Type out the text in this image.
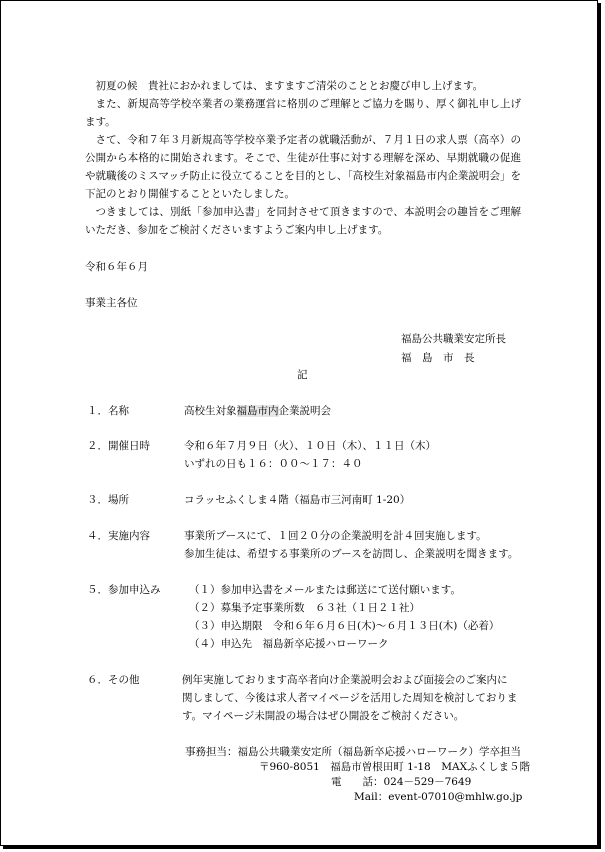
初夏の候　貴社におかれましては、ますますご清栄のこととお慶び申し上げます。
また、新規高等学校卒業者の業務運営に格別のご理解とご協力を賜り、厚く御礼申し上げます。
さて、令和７年３月新規高等学校卒業予定者の就職活動が、７月１日の求人票（高卒）の公開から本格的に開始されます。そこで、生徒が仕事に対する理解を深め、早期就職の促進や就職後のミスマッチ防止に役立てることを目的とし、「高校生対象福島市内企業説明会」を下記のとおり開催することといたしました。
つきましては、別紙「参加申込書」を同封させて頂きますので、本説明会の趣旨をご理解いただき、参加をご検討くださいますようご案内申し上げます。
令和６年６月
事業主各位
福島公共職業安定所長
福　島　市　長
記
１．名称	高校生対象福島市内企業説明会
２．開催日時	令和６年７月９日（火）、１０日（木）、１１日（木）
いずれの日も１６：００～１７：４０
３．場所	コラッセふくしま４階（福島市三河南町 1-20）
４．実施内容	事業所ブースにて、１回２０分の企業説明を計４回実施します。
参加生徒は、希望する事業所のブースを訪問し、企業説明を聞きます。
５．参加申込み	（１）参加申込書をメールまたは郵送にて送付願います。
（２）募集予定事業所数　６３社（１日２１社）
（３）申込期限　令和６年６月６日(木)～６月１３日(木)（必着）
（４）申込先　福島新卒応援ハローワーク
６．その他	例年実施しております高卒者向け企業説明会および面接会のご案内に
関しまして、今後は求人者マイページを活用した周知を検討しておりま
す。マイページ未開設の場合はぜひ開設をご検討ください。
事務担当：福島公共職業安定所（福島新卒応援ハローワーク）学卒担当
〒960-8051　福島市曽根田町 1-18　MAXふくしま５階
電　　話：024－529－7649
Mail：event-07010@mhlw.go.jp
